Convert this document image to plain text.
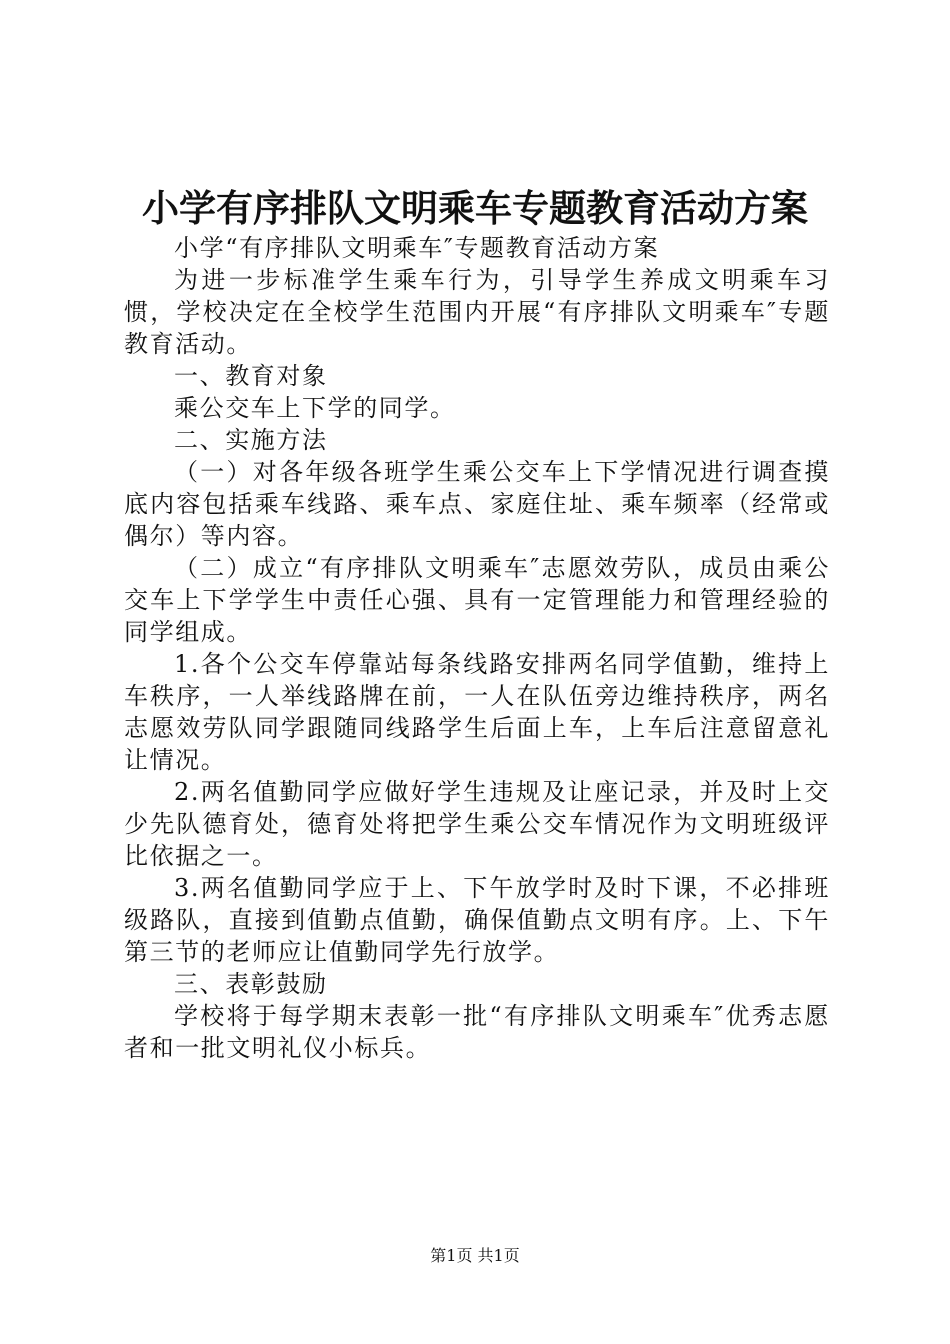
小学有序排队文明乘车专题教育活动方案

小学“有序排队文明乘车″专题教育活动方案

为进一步标准学生乘车行为，引导学生养成文明乘车习惯，学校决定在全校学生范围内开展“有序排队文明乘车″专题教育活动。

一、教育对象

乘公交车上下学的同学。

二、实施方法

（一）对各年级各班学生乘公交车上下学情况进行调查摸底内容包括乘车线路、乘车点、家庭住址、乘车频率（经常或偶尔）等内容。

（二）成立“有序排队文明乘车″志愿效劳队，成员由乘公交车上下学学生中责任心强、具有一定管理能力和管理经验的同学组成。

1.各个公交车停靠站每条线路安排两名同学值勤，维持上车秩序，一人举线路牌在前，一人在队伍旁边维持秩序，两名志愿效劳队同学跟随同线路学生后面上车，上车后注意留意礼让情况。

2.两名值勤同学应做好学生违规及让座记录，并及时上交少先队德育处，德育处将把学生乘公交车情况作为文明班级评比依据之一。

3.两名值勤同学应于上、下午放学时及时下课，不必排班级路队，直接到值勤点值勤，确保值勤点文明有序。上、下午第三节的老师应让值勤同学先行放学。

三、表彰鼓励

学校将于每学期末表彰一批“有序排队文明乘车″优秀志愿者和一批文明礼仪小标兵。

第1页 共1页
